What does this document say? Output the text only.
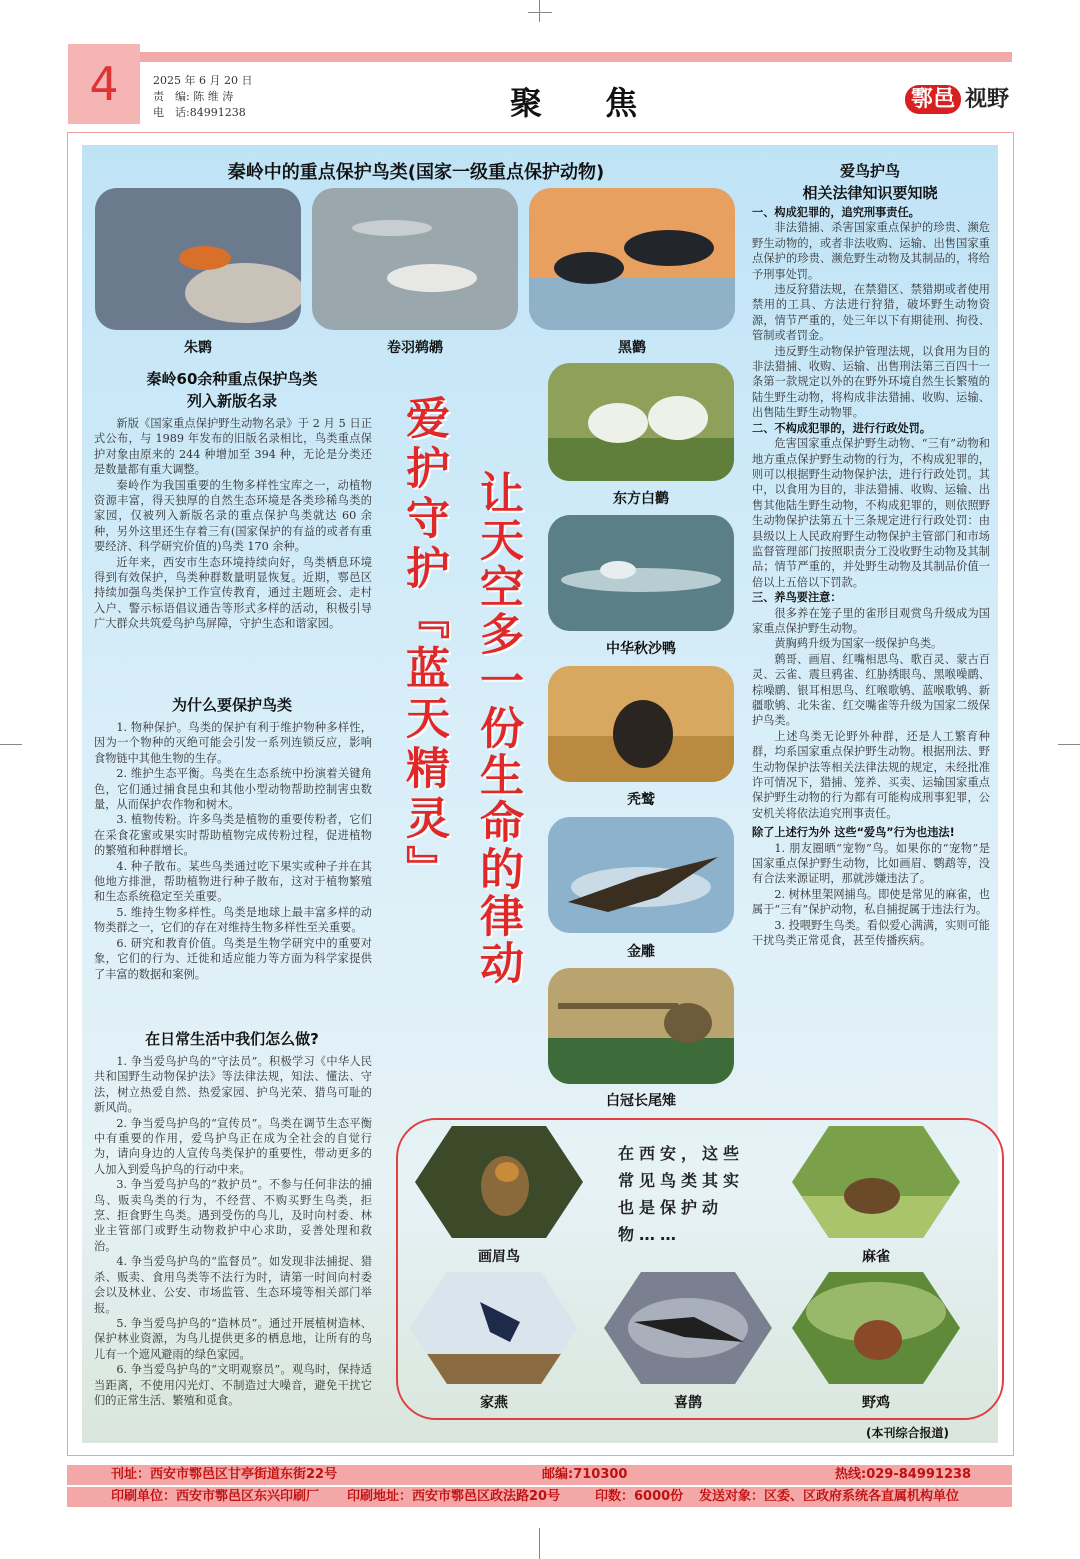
4	2025 年 6 月 20 日
责　编: 陈 维 涛
电　话:84991238	聚 焦	鄠邑 视野
秦岭中的重点保护鸟类(国家一级重点保护动物)
朱鹮	卷羽鹈鹕	黑鹳
秦岭60余种重点保护鸟类
列入新版名录

新版《国家重点保护野生动物名录》于 2 月 5 日正式公布，与 1989 年发布的旧版名录相比，鸟类重点保护对象由原来的 244 种增加至 394 种，无论是分类还是数量都有重大调整。

秦岭作为我国重要的生物多样性宝库之一，动植物资源丰富，得天独厚的自然生态环境是各类珍稀鸟类的家园，仅被列入新版名录的重点保护鸟类就达 60 余种，另外这里还生存着三有(国家保护的有益的或者有重要经济、科学研究价值的)鸟类 170 余种。

近年来，西安市生态环境持续向好，鸟类栖息环境得到有效保护，鸟类种群数量明显恢复。近期，鄠邑区持续加强鸟类保护工作宣传教育，通过主题班会、走村入户、警示标语倡议通告等形式多样的活动，积极引导广大群众共筑爱鸟护鸟屏障，守护生态和谐家园。

为什么要保护鸟类

1. 物种保护。鸟类的保护有利于维护物种多样性，因为一个物种的灭绝可能会引发一系列连锁反应，影响食物链中其他生物的生存。

2. 维护生态平衡。鸟类在生态系统中扮演着关键角色，它们通过捕食昆虫和其他小型动物帮助控制害虫数量，从而保护农作物和树木。

3. 植物传粉。许多鸟类是植物的重要传粉者，它们在采食花蜜或果实时帮助植物完成传粉过程，促进植物的繁殖和种群增长。

4. 种子散布。某些鸟类通过吃下果实或种子并在其他地方排泄，帮助植物进行种子散布，这对于植物繁殖和生态系统稳定至关重要。

5. 维持生物多样性。鸟类是地球上最丰富多样的动物类群之一，它们的存在对维持生物多样性至关重要。

6. 研究和教育价值。鸟类是生物学研究中的重要对象，它们的行为、迁徙和适应能力等方面为科学家提供了丰富的数据和案例。

在日常生活中我们怎么做?

1. 争当爱鸟护鸟的“守法员”。积极学习《中华人民共和国野生动物保护法》等法律法规，知法、懂法、守法，树立热爱自然、热爱家园、护鸟光荣、猎鸟可耻的新风尚。

2. 争当爱鸟护鸟的“宣传员”。鸟类在调节生态平衡中有重要的作用，爱鸟护鸟正在成为全社会的自觉行为，请向身边的人宣传鸟类保护的重要性，带动更多的人加入到爱鸟护鸟的行动中来。

3. 争当爱鸟护鸟的“救护员”。不参与任何非法的捕鸟、贩卖鸟类的行为，不经营、不购买野生鸟类，拒烹、拒食野生鸟类。遇到受伤的鸟儿，及时向村委、林业主管部门或野生动物救护中心求助，妥善处理和救治。

4. 争当爱鸟护鸟的“监督员”。如发现非法捕捉、猎杀、贩卖、食用鸟类等不法行为时，请第一时间向村委会以及林业、公安、市场监管、生态环境等相关部门举报。

5. 争当爱鸟护鸟的“造林员”。通过开展植树造林、保护林业资源，为鸟儿提供更多的栖息地，让所有的鸟儿有一个遮风避雨的绿色家园。

6. 争当爱鸟护鸟的“文明观察员”。观鸟时，保持适当距离，不使用闪光灯、不制造过大噪音，避免干扰它们的正常生活、繁殖和觅食。

爱护守护『蓝天精灵』 让天空多一份生命的律动	东方白鹳
中华秋沙鸭
秃鹫
金雕
白冠长尾雉
爱鸟护鸟
相关法律知识要知晓
一、构成犯罪的，追究刑事责任。

非法猎捕、杀害国家重点保护的珍贵、濒危野生动物的，或者非法收购、运输、出售国家重点保护的珍贵、濒危野生动物及其制品的，将给予刑事处罚。

违反狩猎法规，在禁猎区、禁猎期或者使用禁用的工具、方法进行狩猎，破坏野生动物资源，情节严重的，处三年以下有期徒刑、拘役、管制或者罚金。

违反野生动物保护管理法规，以食用为目的非法猎捕、收购、运输、出售刑法第三百四十一条第一款规定以外的在野外环境自然生长繁殖的陆生野生动物，将构成非法猎捕、收购、运输、出售陆生野生动物罪。

二、不构成犯罪的，进行行政处罚。

危害国家重点保护野生动物、“三有”动物和地方重点保护野生动物的行为，不构成犯罪的，则可以根据野生动物保护法，进行行政处罚。其中，以食用为目的，非法猎捕、收购、运输、出售其他陆生野生动物，不构成犯罪的，则依照野生动物保护法第五十三条规定进行行政处罚：由县级以上人民政府野生动物保护主管部门和市场监督管理部门按照职责分工没收野生动物及其制品；情节严重的，并处野生动物及其制品价值一倍以上五倍以下罚款。

三、养鸟要注意：

很多养在笼子里的雀形目观赏鸟升级成为国家重点保护野生动物。

黄胸鹀升级为国家一级保护鸟类。

鹩哥、画眉、红嘴相思鸟、歌百灵、蒙古百灵、云雀、震旦鸦雀、红胁绣眼鸟、黑喉噪鹛、棕噪鹛、银耳相思鸟、红喉歌鸲、蓝喉歌鸲、新疆歌鸲、北朱雀、红交嘴雀等升级为国家二级保护鸟类。

上述鸟类无论野外种群，还是人工繁育种群，均系国家重点保护野生动物。根据刑法、野生动物保护法等相关法律法规的规定，未经批准许可情况下，猎捕、笼养、买卖、运输国家重点保护野生动物的行为都有可能构成刑事犯罪，公安机关将依法追究刑事责任。

除了上述行为外 这些“爱鸟”行为也违法!

1. 朋友圈晒“宠物”鸟。如果你的“宠物”是国家重点保护野生动物，比如画眉、鹦鹉等，没有合法来源证明，那就涉嫌违法了。

2. 树林里架网捕鸟。即使是常见的麻雀，也属于“三有”保护动物，私自捕捉属于违法行为。

3. 投喂野生鸟类。看似爱心满满，实则可能干扰鸟类正常觅食，甚至传播疾病。

在西安，这些常见鸟类其实也是保护动物……
画眉鸟	麻雀
家燕	喜鹊	野鸡
(本刊综合报道)
刊址：西安市鄠邑区甘亭街道东街22号	邮编:710300	热线:029-84991238
印刷单位：西安市鄠邑区东兴印刷厂 印刷地址：西安市鄠邑区政法路20号	印数：6000份 发送对象：区委、区政府系统各直属机构单位
